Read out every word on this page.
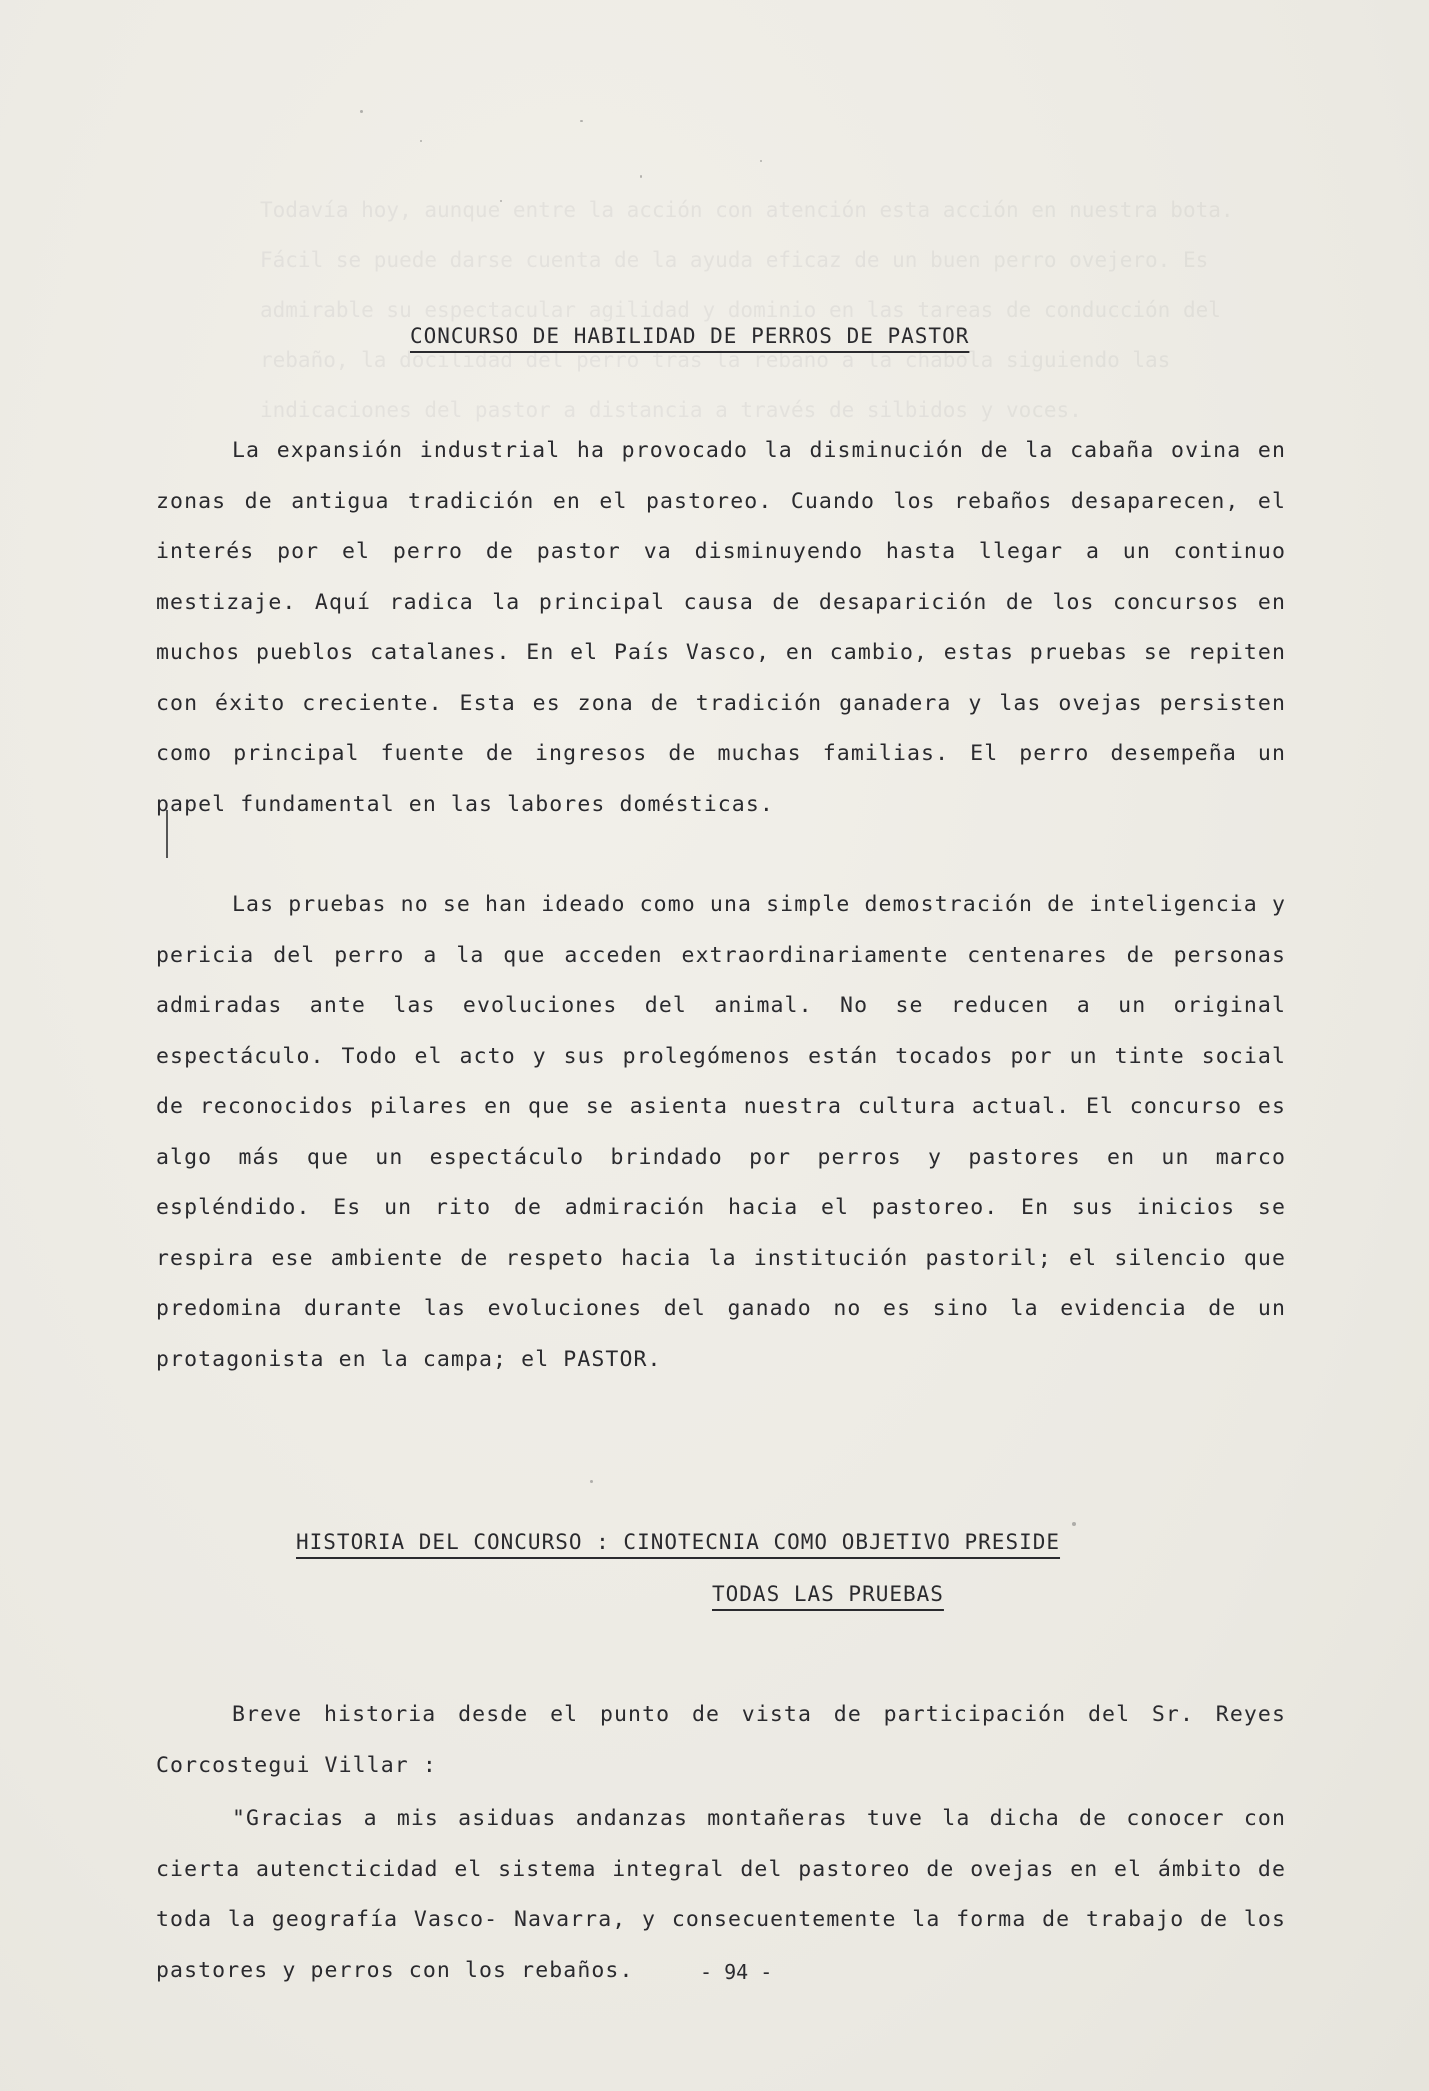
Todavía hoy, aunque entre la acción con atención esta acción en nuestra bota. Fácil se puede darse cuenta de la ayuda eficaz de un buen perro ovejero. Es admirable su espectacular agilidad y dominio en las tareas de conducción del rebaño, la docilidad del perro tras la rebaño a la chabola siguiendo las indicaciones del pastor a distancia a través de silbidos y voces.
CONCURSO DE HABILIDAD DE PERROS DE PASTOR

La expansión industrial ha provocado la disminución de la cabaña ovina en zonas de antigua tradición en el pastoreo. Cuando los rebaños desaparecen, el interés por el perro de pastor va disminuyendo hasta llegar a un continuo mestizaje. Aquí radica la principal causa de desaparición de los concursos en muchos pueblos catalanes. En el País Vasco, en cambio, estas pruebas se repiten con éxito creciente. Esta es zona de tradición ganadera y las ovejas persisten como principal fuente de ingresos de muchas familias. El perro desempeña un papel fundamental en las labores domésticas.

Las pruebas no se han ideado como una simple demostración de inteligencia y pericia del perro a la que acceden extraordinariamente centenares de personas admiradas ante las evoluciones del animal. No se reducen a un original espectáculo. Todo el acto y sus prolegómenos están tocados por un tinte social de reconocidos pilares en que se asienta nuestra cultura actual. El concurso es algo más que un espectáculo brindado por perros y pastores en un marco espléndido. Es un rito de admiración hacia el pastoreo. En sus inicios se respira ese ambiente de respeto hacia la institución pastoril; el silencio que predomina durante las evoluciones del ganado no es sino la evidencia de un protagonista en la campa; el PASTOR.

HISTORIA DEL CONCURSO : CINOTECNIA COMO OBJETIVO PRESIDE
TODAS LAS PRUEBAS

Breve historia desde el punto de vista de participación del Sr. Reyes Corcostegui Villar :

"Gracias a mis asiduas andanzas montañeras tuve la dicha de conocer con cierta autencticidad el sistema integral del pastoreo de ovejas en el ámbito de toda la geografía Vasco- Navarra, y consecuentemente la forma de trabajo de los pastores y perros con los rebaños.	- 94 -
